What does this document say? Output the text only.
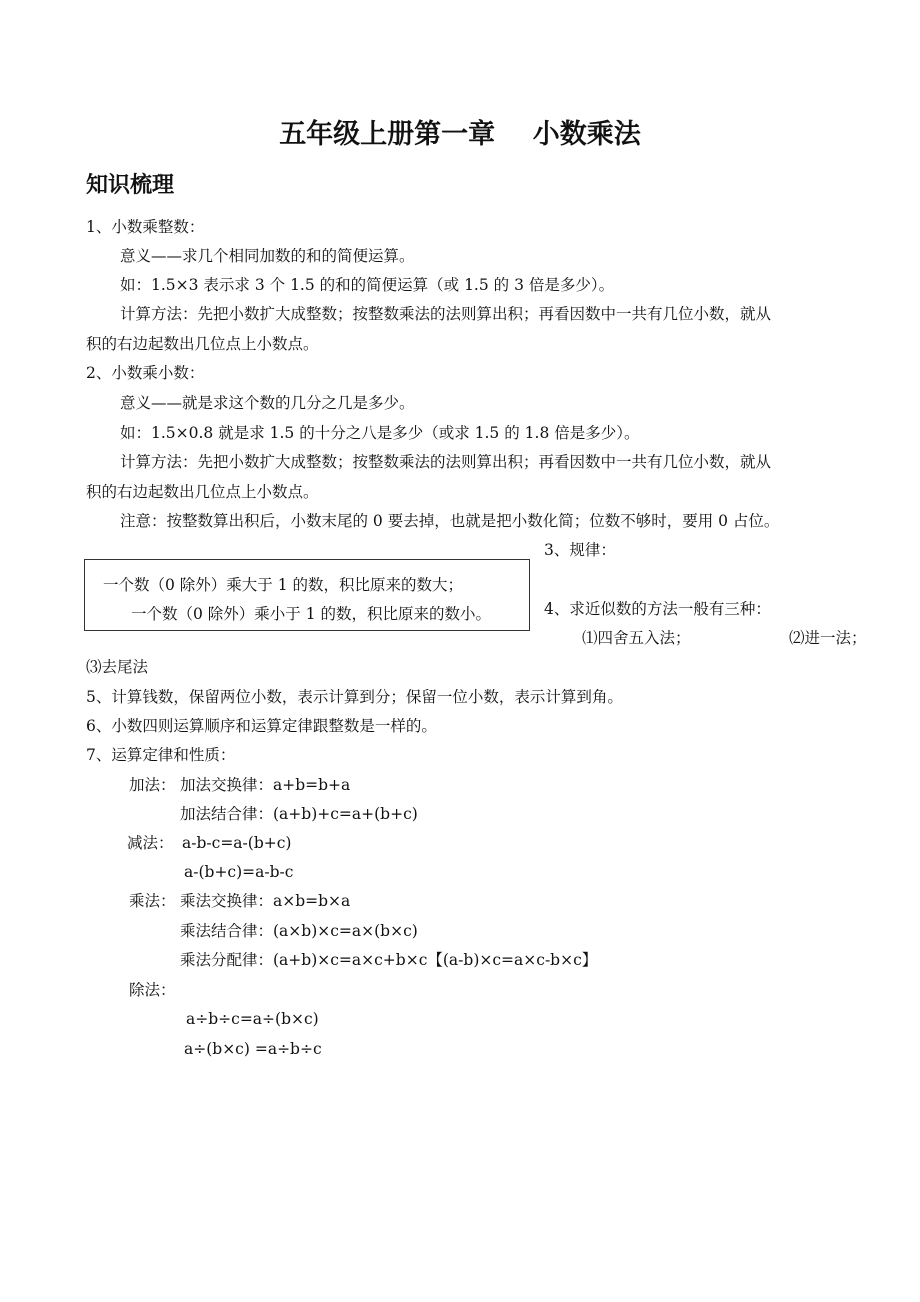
五年级上册第一章    小数乘法
知识梳理
1、小数乘整数：
意义——求几个相同加数的和的简便运算。
如：1.5×3 表示求 3 个 1.5 的和的简便运算（或 1.5 的 3 倍是多少）。
计算方法：先把小数扩大成整数；按整数乘法的法则算出积；再看因数中一共有几位小数，就从
积的右边起数出几位点上小数点。
2、小数乘小数：
意义——就是求这个数的几分之几是多少。
如：1.5×0.8 就是求 1.5 的十分之八是多少（或求 1.5 的 1.8 倍是多少）。
计算方法：先把小数扩大成整数；按整数乘法的法则算出积；再看因数中一共有几位小数，就从
积的右边起数出几位点上小数点。
注意：按整数算出积后，小数末尾的 0 要去掉，也就是把小数化简；位数不够时，要用 0 占位。
3、规律：
一个数（0 除外）乘大于 1 的数，积比原来的数大；
一个数（0 除外）乘小于 1 的数，积比原来的数小。	4、求近似数的方法一般有三种：
⑴四舍五入法；	⑵进一法；
⑶去尾法
5、计算钱数，保留两位小数，表示计算到分；保留一位小数，表示计算到角。
6、小数四则运算顺序和运算定律跟整数是一样的。
7、运算定律和性质：
加法： 加法交换律：a+b=b+a
加法结合律：(a+b)+c=a+(b+c)
减法： a-b-c=a-(b+c)
a-(b+c)=a-b-c
乘法： 乘法交换律：a×b=b×a
乘法结合律：(a×b)×c=a×(b×c)
乘法分配律：(a+b)×c=a×c+b×c【(a-b)×c=a×c-b×c】
除法：
a÷b÷c=a÷(b×c)
a÷(b×c) =a÷b÷c
